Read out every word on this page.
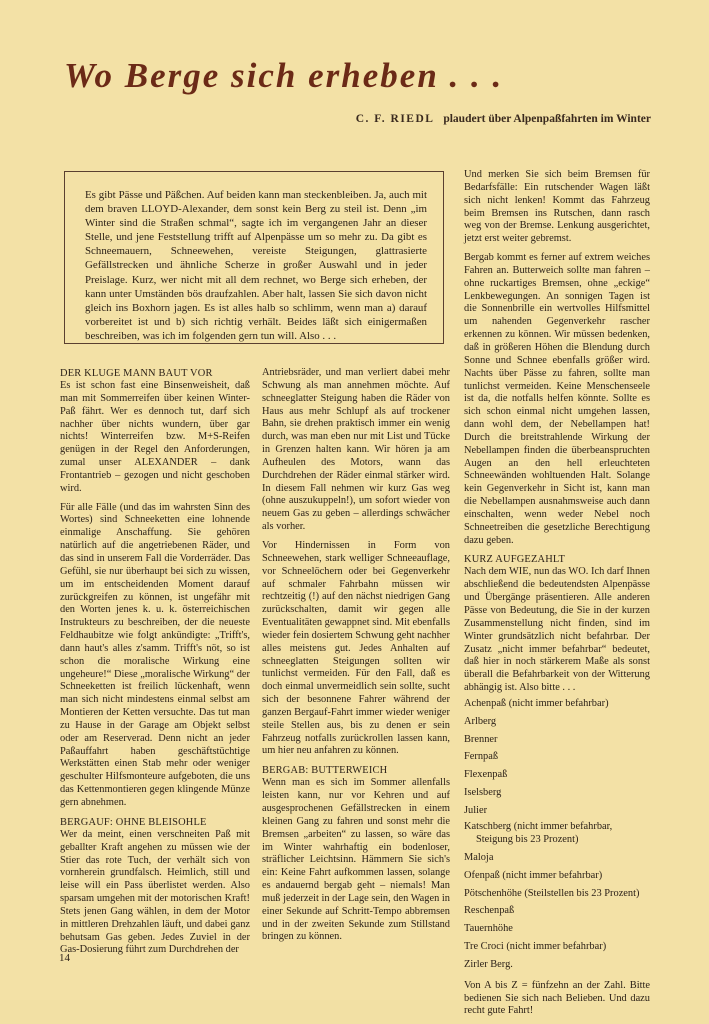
Wo Berge sich erheben . . .
C. F. RIEDL plaudert über Alpenpaßfahrten im Winter
Es gibt Pässe und Päßchen. Auf beiden kann man steckenbleiben. Ja, auch mit dem braven LLOYD-Alexander, dem sonst kein Berg zu steil ist. Denn „im Winter sind die Straßen schmal“, sagte ich im vergangenen Jahr an dieser Stelle, und jene Feststellung trifft auf Alpenpässe um so mehr zu. Da gibt es Schneemauern, Schneewehen, vereiste Steigungen, glattrasierte Gefällstrecken und ähnliche Scherze in großer Auswahl und in jeder Preislage. Kurz, wer nicht mit all dem rechnet, wo Berge sich erheben, der kann unter Umständen bös draufzahlen. Aber halt, lassen Sie sich davon nicht gleich ins Boxhorn jagen. Es ist alles halb so schlimm, wenn man a) darauf vorbereitet ist und b) sich richtig verhält. Beides läßt sich einigermaßen beschreiben, was ich im folgenden gern tun will. Also . . .
DER KLUGE MANN BAUT VOR

Es ist schon fast eine Binsenweisheit, daß man mit Sommerreifen über keinen Winter-Paß fährt. Wer es dennoch tut, darf sich nachher über nichts wundern, über gar nichts! Winterreifen bzw. M+S-Reifen genügen in der Regel den Anforderungen, zumal unser ALEXANDER – dank Frontantrieb – gezogen und nicht geschoben wird.

Für alle Fälle (und das im wahrsten Sinn des Wortes) sind Schneeketten eine lohnende einmalige Anschaffung. Sie gehören natürlich auf die angetriebenen Räder, und das sind in unserem Fall die Vorderräder. Das Gefühl, sie nur überhaupt bei sich zu wissen, um im entscheidenden Moment darauf zurückgreifen zu können, ist ungefähr mit den Worten jenes k. u. k. österreichischen Instrukteurs zu beschreiben, der die neueste Feldhaubitze wie folgt ankündigte: „Trifft's, dann haut's alles z'samm. Trifft's nöt, so ist schon die moralische Wirkung eine ungeheure!“ Diese „moralische Wirkung“ der Schneeketten ist freilich lückenhaft, wenn man sich nicht mindestens einmal selbst am Montieren der Ketten versuchte. Das tut man zu Hause in der Garage am Objekt selbst oder am Reserverad. Denn nicht an jeder Paßauffahrt haben geschäftstüchtige Werkstätten einen Stab mehr oder weniger geschulter Hilfsmonteure aufgeboten, die uns das Kettenmontieren gegen klingende Münze gern abnehmen.

BERGAUF: OHNE BLEISOHLE

Wer da meint, einen verschneiten Paß mit geballter Kraft angehen zu müssen wie der Stier das rote Tuch, der verhält sich von vornherein grundfalsch. Heimlich, still und leise will ein Pass überlistet werden. Also sparsam umgehen mit der motorischen Kraft! Stets jenen Gang wählen, in dem der Motor in mittleren Drehzahlen läuft, und dabei ganz behutsam Gas geben. Jedes Zuviel in der Gas-Dosierung führt zum Durchdrehen der

Antriebsräder, und man verliert dabei mehr Schwung als man annehmen möchte. Auf schneeglatter Steigung haben die Räder von Haus aus mehr Schlupf als auf trockener Bahn, sie drehen praktisch immer ein wenig durch, was man eben nur mit List und Tücke in Grenzen halten kann. Wir hören ja am Aufheulen des Motors, wann das Durchdrehen der Räder einmal stärker wird. In diesem Fall nehmen wir kurz Gas weg (ohne auszukuppeln!), um sofort wieder von neuem Gas zu geben – allerdings schwächer als vorher.

Vor Hindernissen in Form von Schneewehen, stark welliger Schneeauflage, vor Schneelöchern oder bei Gegenverkehr auf schmaler Fahrbahn müssen wir rechtzeitig (!) auf den nächst niedrigen Gang zurückschalten, damit wir gegen alle Eventualitäten gewappnet sind. Mit ebenfalls wieder fein dosiertem Schwung geht nachher alles meistens gut. Jedes Anhalten auf schneeglatten Steigungen sollten wir tunlichst vermeiden. Für den Fall, daß es doch einmal unvermeidlich sein sollte, sucht sich der besonnene Fahrer während der ganzen Bergauf-Fahrt immer wieder weniger steile Stellen aus, bis zu denen er sein Fahrzeug notfalls zurückrollen lassen kann, um hier neu anfahren zu können.

BERGAB: BUTTERWEICH

Wenn man es sich im Sommer allenfalls leisten kann, nur vor Kehren und auf ausgesprochenen Gefällstrecken in einem kleinen Gang zu fahren und sonst mehr die Bremsen „arbeiten“ zu lassen, so wäre das im Winter wahrhaftig ein bodenloser, sträflicher Leichtsinn. Hämmern Sie sich's ein: Keine Fahrt aufkommen lassen, solange es andauernd bergab geht – niemals! Man muß jederzeit in der Lage sein, den Wagen in einer Sekunde auf Schritt-Tempo abbremsen und in der zweiten Sekunde zum Stillstand bringen zu können.

Und merken Sie sich beim Bremsen für Bedarfsfälle: Ein rutschender Wagen läßt sich nicht lenken! Kommt das Fahrzeug beim Bremsen ins Rutschen, dann rasch weg von der Bremse. Lenkung ausgerichtet, jetzt erst weiter gebremst.

Bergab kommt es ferner auf extrem weiches Fahren an. Butterweich sollte man fahren – ohne ruckartiges Bremsen, ohne „eckige“ Lenkbewegungen. An sonnigen Tagen ist die Sonnenbrille ein wertvolles Hilfsmittel um nahenden Gegenverkehr rascher erkennen zu können. Wir müssen bedenken, daß in größeren Höhen die Blendung durch Sonne und Schnee ebenfalls größer wird. Nachts über Pässe zu fahren, sollte man tunlichst vermeiden. Keine Menschenseele ist da, die notfalls helfen könnte. Sollte es sich schon einmal nicht umgehen lassen, dann wohl dem, der Nebellampen hat! Durch die breitstrahlende Wirkung der Nebellampen finden die überbeanspruchten Augen an den hell erleuchteten Schneewänden wohltuenden Halt. Solange kein Gegenverkehr in Sicht ist, kann man die Nebellampen ausnahmsweise auch dann einschalten, wenn weder Nebel noch Schneetreiben die gesetzliche Berechtigung dazu geben.

KURZ AUFGEZAHLT

Nach dem WIE, nun das WO. Ich darf Ihnen abschließend die bedeutendsten Alpenpässe und Übergänge präsentieren. Alle anderen Pässe von Bedeutung, die Sie in der kurzen Zusammenstellung nicht finden, sind im Winter grundsätzlich nicht befahrbar. Der Zusatz „nicht immer befahrbar“ bedeutet, daß hier in noch stärkerem Maße als sonst überall die Befahrbarkeit von der Witterung abhängig ist. Also bitte . . .

Achenpaß (nicht immer befahrbar)
Arlberg
Brenner
Fernpaß
Flexenpaß
Iselsberg
Julier
Katschberg (nicht immer befahrbar,
Steigung bis 23 Prozent)
Maloja
Ofenpaß (nicht immer befahrbar)
Pötschenhöhe (Steilstellen bis 23 Prozent)
Reschenpaß
Tauernhöhe
Tre Croci (nicht immer befahrbar)
Zirler Berg.

Von A bis Z = fünfzehn an der Zahl. Bitte bedienen Sie sich nach Belieben. Und dazu recht gute Fahrt!

14
